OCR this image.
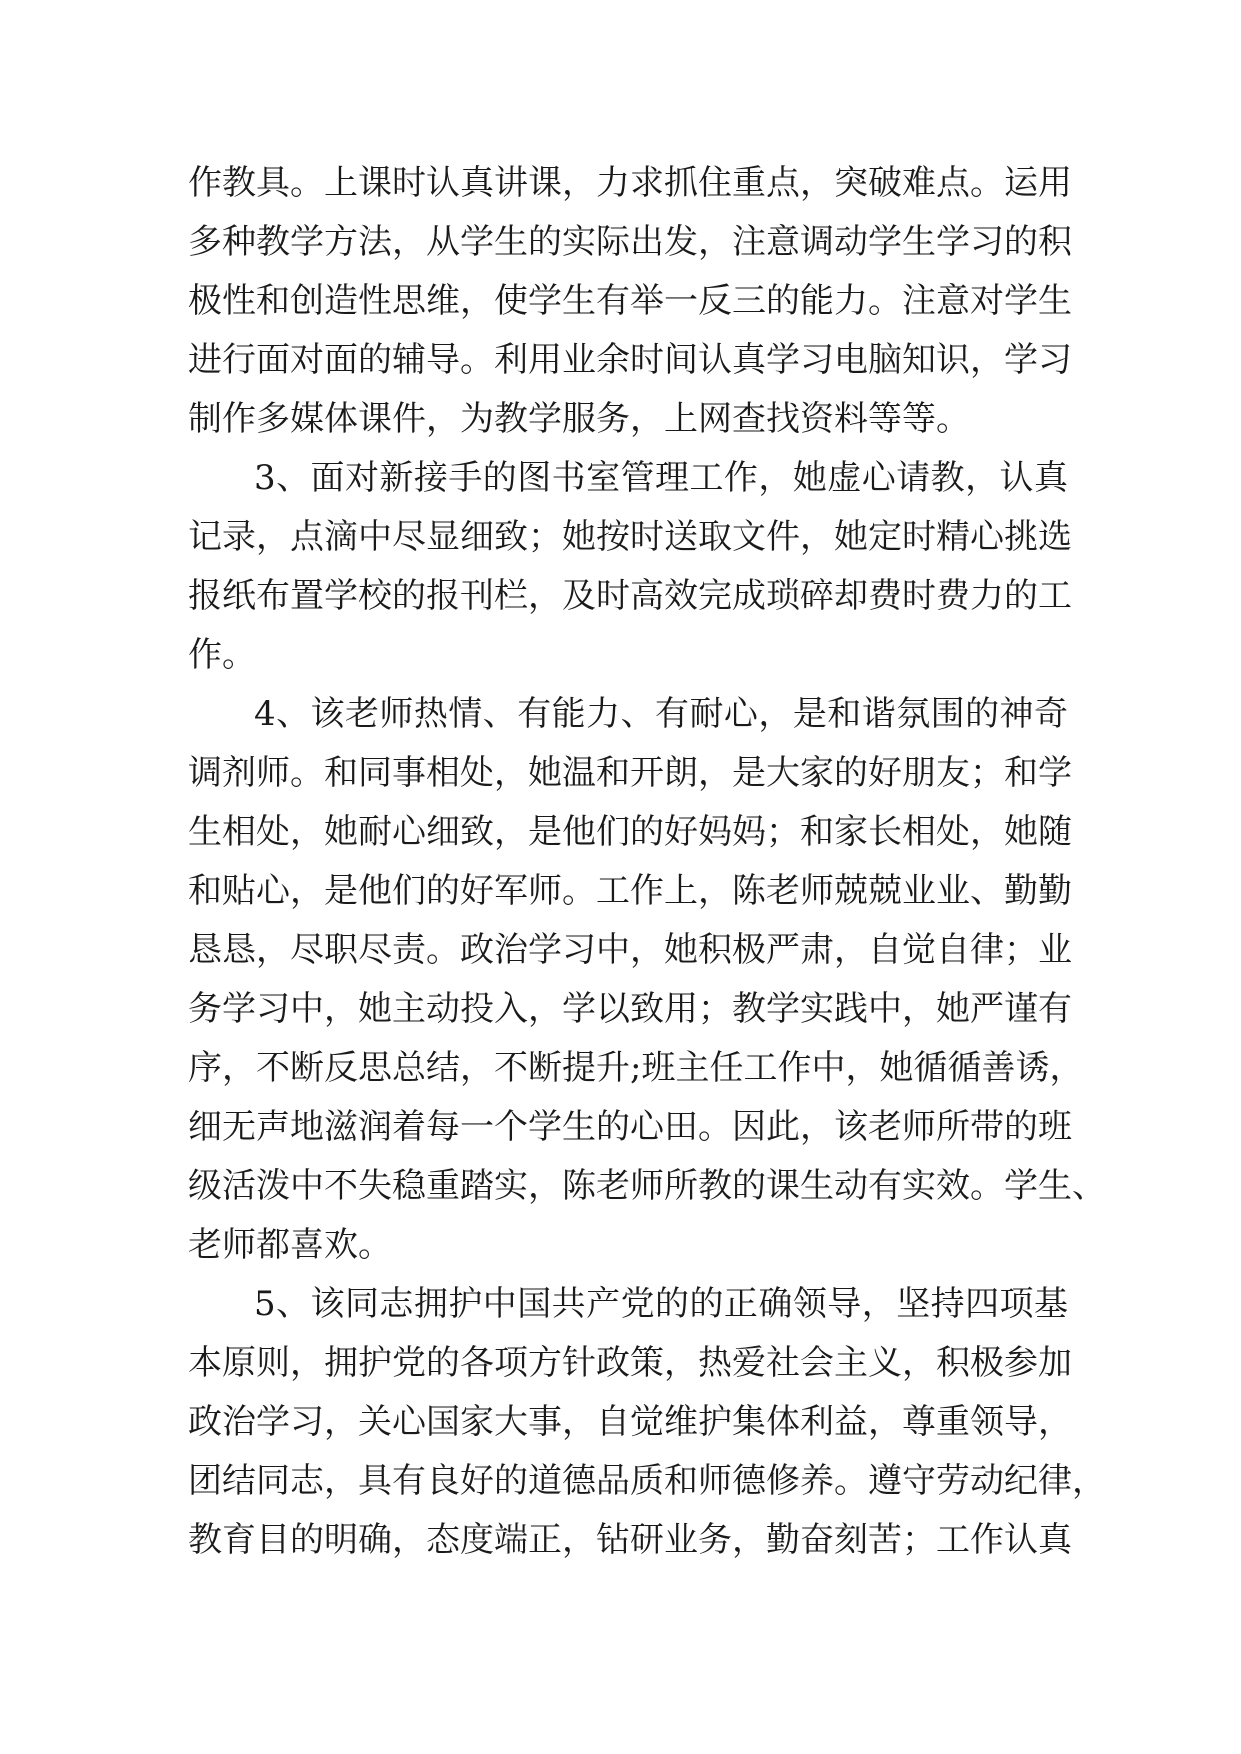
作教具。上课时认真讲课，力求抓住重点，突破难点。运用
多种教学方法，从学生的实际出发，注意调动学生学习的积
极性和创造性思维，使学生有举一反三的能力。注意对学生
进行面对面的辅导。利用业余时间认真学习电脑知识，学习
制作多媒体课件，为教学服务，上网查找资料等等。
3、面对新接手的图书室管理工作，她虚心请教，认真
记录，点滴中尽显细致；她按时送取文件，她定时精心挑选
报纸布置学校的报刊栏，及时高效完成琐碎却费时费力的工
作。
4、该老师热情、有能力、有耐心，是和谐氛围的神奇
调剂师。和同事相处，她温和开朗，是大家的好朋友；和学
生相处，她耐心细致，是他们的好妈妈；和家长相处，她随
和贴心，是他们的好军师。工作上，陈老师兢兢业业、勤勤
恳恳，尽职尽责。政治学习中，她积极严肃，自觉自律；业
务学习中，她主动投入，学以致用；教学实践中，她严谨有
序，不断反思总结，不断提升;班主任工作中，她循循善诱，
细无声地滋润着每一个学生的心田。因此，该老师所带的班
级活泼中不失稳重踏实，陈老师所教的课生动有实效。学生、
老师都喜欢。
5、该同志拥护中国共产党的的正确领导，坚持四项基
本原则，拥护党的各项方针政策，热爱社会主义，积极参加
政治学习，关心国家大事，自觉维护集体利益，尊重领导，
团结同志，具有良好的道德品质和师德修养。遵守劳动纪律，
教育目的明确，态度端正，钻研业务，勤奋刻苦；工作认真
